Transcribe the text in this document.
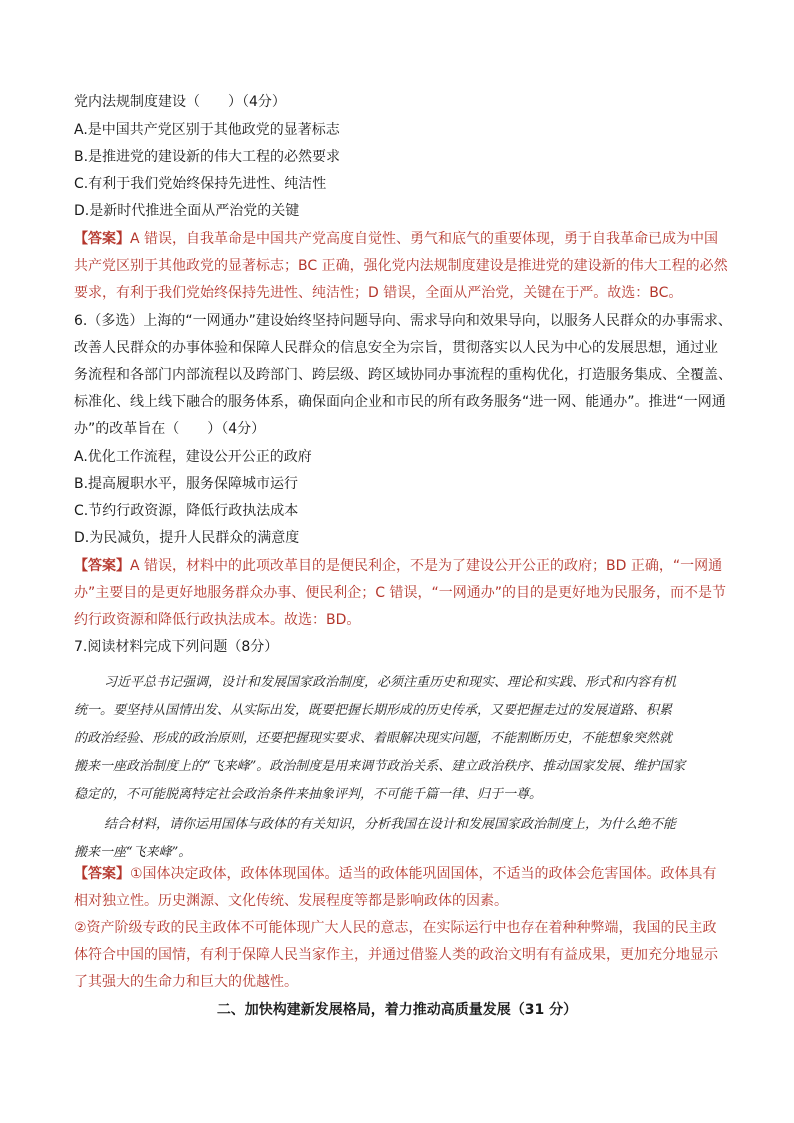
党内法规制度建设（　　）（4分）
A.是中国共产党区别于其他政党的显著标志
B.是推进党的建设新的伟大工程的必然要求
C.有利于我们党始终保持先进性、纯洁性
D.是新时代推进全面从严治党的关键
【答案】A 错误，自我革命是中国共产党高度自觉性、勇气和底气的重要体现，勇于自我革命已成为中国
共产党区别于其他政党的显著标志；BC 正确，强化党内法规制度建设是推进党的建设新的伟大工程的必然
要求，有利于我们党始终保持先进性、纯洁性；D 错误，全面从严治党，关键在于严。故选：BC。
6.（多选）上海的“一网通办”建设始终坚持问题导向、需求导向和效果导向，以服务人民群众的办事需求、
改善人民群众的办事体验和保障人民群众的信息安全为宗旨，贯彻落实以人民为中心的发展思想，通过业
务流程和各部门内部流程以及跨部门、跨层级、跨区域协同办事流程的重构优化，打造服务集成、全覆盖、
标准化、线上线下融合的服务体系，确保面向企业和市民的所有政务服务“进一网、能通办”。推进“一网通
办”的改革旨在（　　）（4分）
A.优化工作流程，建设公开公正的政府
B.提高履职水平，服务保障城市运行
C.节约行政资源，降低行政执法成本
D.为民减负，提升人民群众的满意度
【答案】A 错误，材料中的此项改革目的是便民利企，不是为了建设公开公正的政府；BD 正确，“一网通
办”主要目的是更好地服务群众办事、便民利企；C 错误，“一网通办”的目的是更好地为民服务，而不是节
约行政资源和降低行政执法成本。故选：BD。
7.阅读材料完成下列问题（8分）
习近平总书记强调，设计和发展国家政治制度，必须注重历史和现实、理论和实践、形式和内容有机
统一。要坚持从国情出发、从实际出发，既要把握长期形成的历史传承，又要把握走过的发展道路、积累
的政治经验、形成的政治原则，还要把握现实要求、着眼解决现实问题，不能割断历史，不能想象突然就
搬来一座政治制度上的“飞来峰”。政治制度是用来调节政治关系、建立政治秩序、推动国家发展、维护国家
稳定的，不可能脱离特定社会政治条件来抽象评判，不可能千篇一律、归于一尊。
结合材料，请你运用国体与政体的有关知识，分析我国在设计和发展国家政治制度上，为什么绝不能
搬来一座“飞来峰”。
【答案】①国体决定政体，政体体现国体。适当的政体能巩固国体，不适当的政体会危害国体。政体具有
相对独立性。历史渊源、文化传统、发展程度等都是影响政体的因素。
②资产阶级专政的民主政体不可能体现广大人民的意志，在实际运行中也存在着种种弊端，我国的民主政
体符合中国的国情，有利于保障人民当家作主，并通过借鉴人类的政治文明有有益成果，更加充分地显示
了其强大的生命力和巨大的优越性。
二、加快构建新发展格局，着力推动高质量发展（31 分）
